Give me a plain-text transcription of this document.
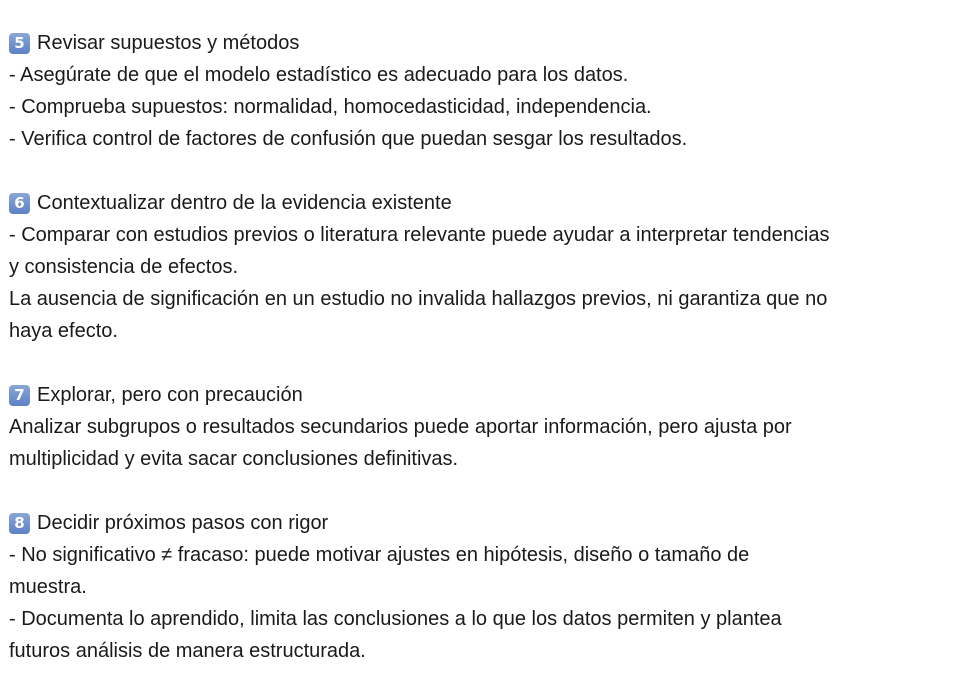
5 Revisar supuestos y métodos
- Asegúrate de que el modelo estadístico es adecuado para los datos.
- Comprueba supuestos: normalidad, homocedasticidad, independencia.
- Verifica control de factores de confusión que puedan sesgar los resultados.
6 Contextualizar dentro de la evidencia existente
- Comparar con estudios previos o literatura relevante puede ayudar a interpretar tendencias
y consistencia de efectos.
La ausencia de significación en un estudio no invalida hallazgos previos, ni garantiza que no
haya efecto.
7 Explorar, pero con precaución
Analizar subgrupos o resultados secundarios puede aportar información, pero ajusta por
multiplicidad y evita sacar conclusiones definitivas.
8 Decidir próximos pasos con rigor
- No significativo ≠ fracaso: puede motivar ajustes en hipótesis, diseño o tamaño de
muestra.
- Documenta lo aprendido, limita las conclusiones a lo que los datos permiten y plantea
futuros análisis de manera estructurada.
